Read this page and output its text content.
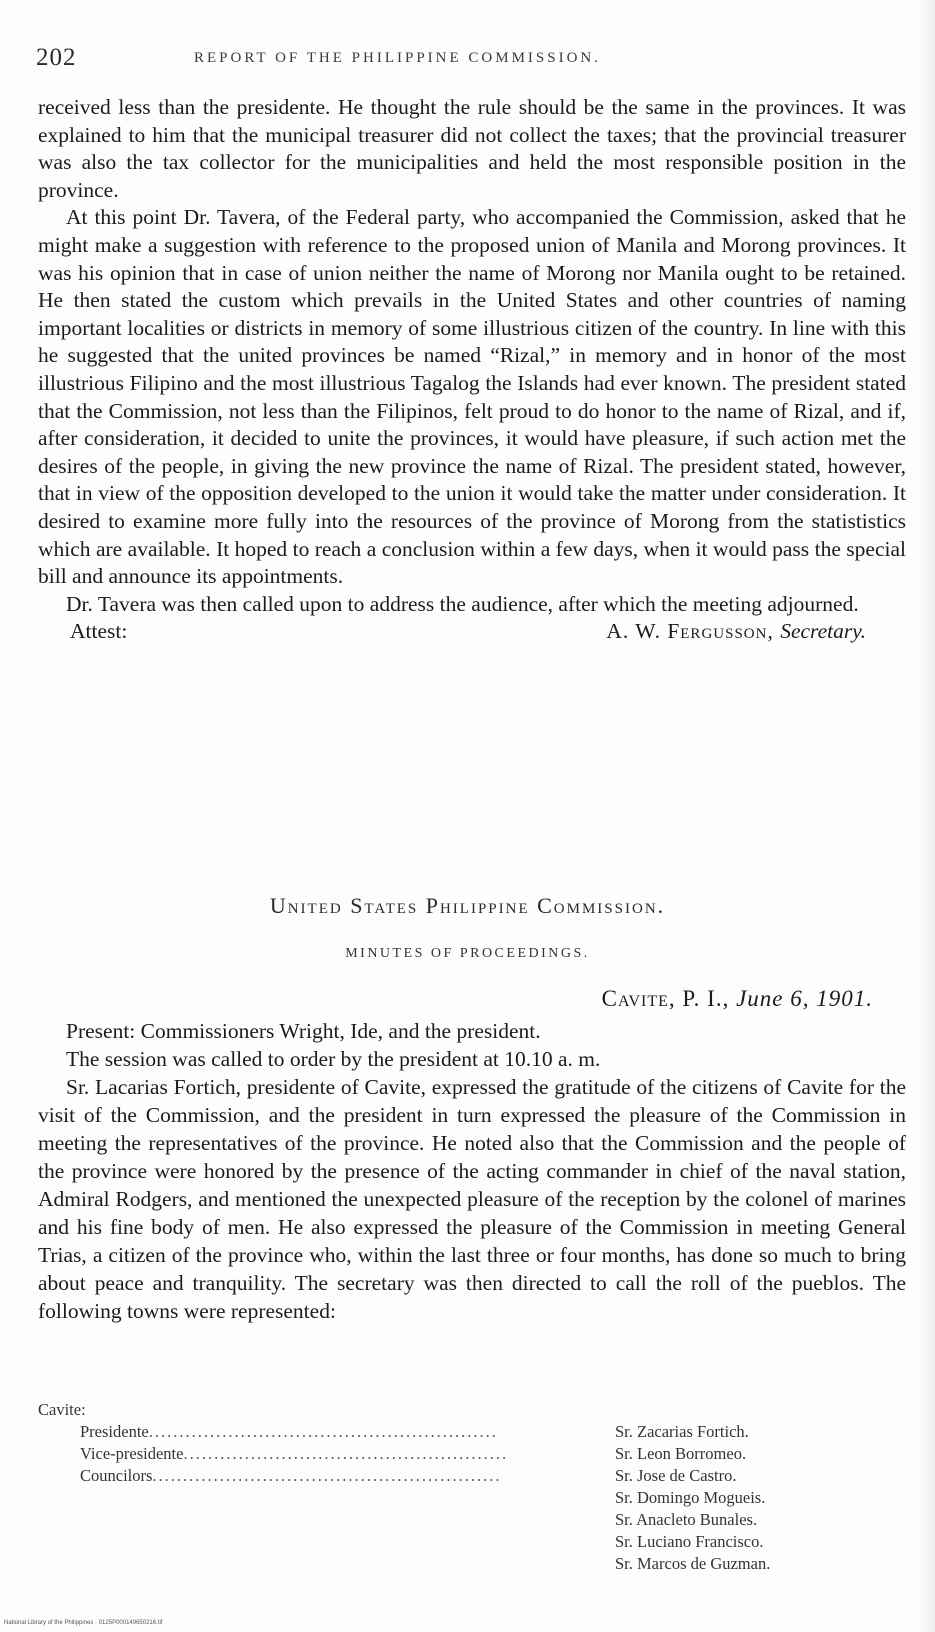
202	REPORT OF THE PHILIPPINE COMMISSION.

received less than the presidente. He thought the rule should be the same in the provinces. It was explained to him that the municipal treasurer did not collect the taxes; that the provincial treasurer was also the tax collector for the municipalities and held the most responsible position in the province.

At this point Dr. Tavera, of the Federal party, who accompanied the Commission, asked that he might make a suggestion with reference to the proposed union of Manila and Morong provinces. It was his opinion that in case of union neither the name of Morong nor Manila ought to be retained. He then stated the custom which prevails in the United States and other countries of naming important localities or districts in memory of some illustrious citizen of the country. In line with this he suggested that the united provinces be named “Rizal,” in memory and in honor of the most illustrious Filipino and the most illustrious Tagalog the Islands had ever known. The president stated that the Commission, not less than the Filipinos, felt proud to do honor to the name of Rizal, and if, after consideration, it decided to unite the provinces, it would have pleasure, if such action met the desires of the people, in giving the new province the name of Rizal. The president stated, however, that in view of the opposition developed to the union it would take the matter under consideration. It desired to examine more fully into the resources of the province of Morong from the statististics which are available. It hoped to reach a conclusion within a few days, when it would pass the special bill and announce its appointments.

Dr. Tavera was then called upon to address the audience, after which the meeting adjourned.

Attest:	A. W. Fergusson, Secretary.
United States Philippine Commission.
MINUTES OF PROCEEDINGS.
Cavite, P. I., June 6, 1901.

Present: Commissioners Wright, Ide, and the president.

The session was called to order by the president at 10.10 a. m.

Sr. Lacarias Fortich, presidente of Cavite, expressed the gratitude of the citizens of Cavite for the visit of the Commission, and the president in turn expressed the pleasure of the Commission in meeting the representatives of the province. He noted also that the Commission and the people of the province were honored by the presence of the acting commander in chief of the naval station, Admiral Rodgers, and mentioned the unexpected pleasure of the reception by the colonel of marines and his fine body of men. He also expressed the pleasure of the Commission in meeting General Trias, a citizen of the province who, within the last three or four months, has done so much to bring about peace and tranquility. The secretary was then directed to call the roll of the pueblos. The following towns were represented:

Cavite:
Presidente.........................................................	Sr. Zacarias Fortich.
Vice-presidente.....................................................	Sr. Leon Borromeo.
Councilors.........................................................	Sr. Jose de Castro.
Sr. Domingo Mogueis.
Sr. Anacleto Bunales.
Sr. Luciano Francisco.
Sr. Marcos de Guzman.
National Library of the Philippines · 0125P000149650216.tif
